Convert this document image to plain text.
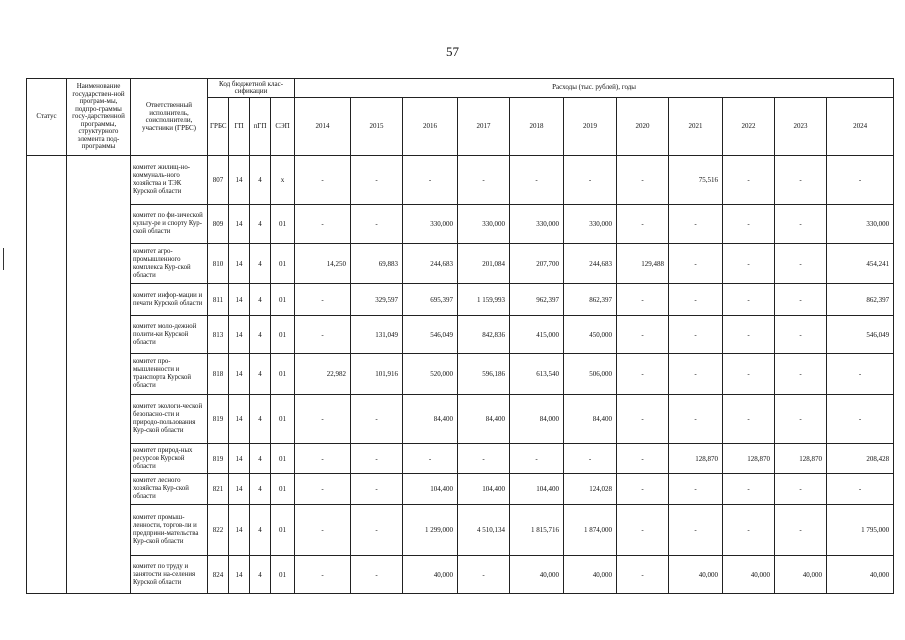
57
Статус	Наименование государствен-ной програм-мы, подпро-граммы госу-дарственной программы, структурного элемента под-программы	Ответственный исполнитель, соисполнители, участники (ГРБС)	Код бюджетной клас-сификации				Расходы (тыс. рублей), годы										
			ГРБС	ГП	пГП	СЭП	2014	2015	2016	2017	2018	2019	2020	2021	2022	2023	2024
		комитет жилищ-но-коммуналь-ного хозяйства и ТЭК Курской области	807	14	4	х	-	-	-	-	-	-	-	75,516	-	-	-
		комитет по фи-зической культу-ре и спорту Кур-ской области	809	14	4	01	-	-	330,000	330,000	330,000	330,000	-	-	-	-	330,000
		комитет агро-промышленного комплекса Кур-ской области	810	14	4	01	14,250	69,883	244,683	201,084	207,700	244,683	129,488	-	-	-	454,241
		комитет инфор-мации и печати Курской области	811	14	4	01	-	329,597	695,397	1 159,993	962,397	862,397	-	-	-	-	862,397
		комитет моло-дежной полити-ки Курской области	813	14	4	01	-	131,049	546,049	842,836	415,000	450,000	-	-	-	-	546,049
		комитет про-мышленности и транспорта Курской области	818	14	4	01	22,982	101,916	520,000	596,186	613,540	506,000	-	-	-	-	-
		комитет экологи-ческой безопасно-сти и природо-пользования Кур-ской области	819	14	4	01	-	-	84,400	84,400	84,000	84,400	-	-	-	-	-
		комитет природ-ных ресурсов Курской области	819	14	4	01	-	-	-	-	-	-	-	128,870	128,870	128,870	208,428
		комитет лесного хозяйства Кур-ской области	821	14	4	01	-	-	104,400	104,400	104,400	124,028	-	-	-	-	-
		комитет промыш-ленности, торгов-ли и предприни-мательства Кур-ской области	822	14	4	01	-	-	1 299,000	4 510,134	1 815,716	1 874,000	-	-	-	-	1 795,000
		комитет по труду и занятости на-селения Курской области	824	14	4	01	-	-	40,000	-	40,000	40,000	-	40,000	40,000	40,000	40,000
